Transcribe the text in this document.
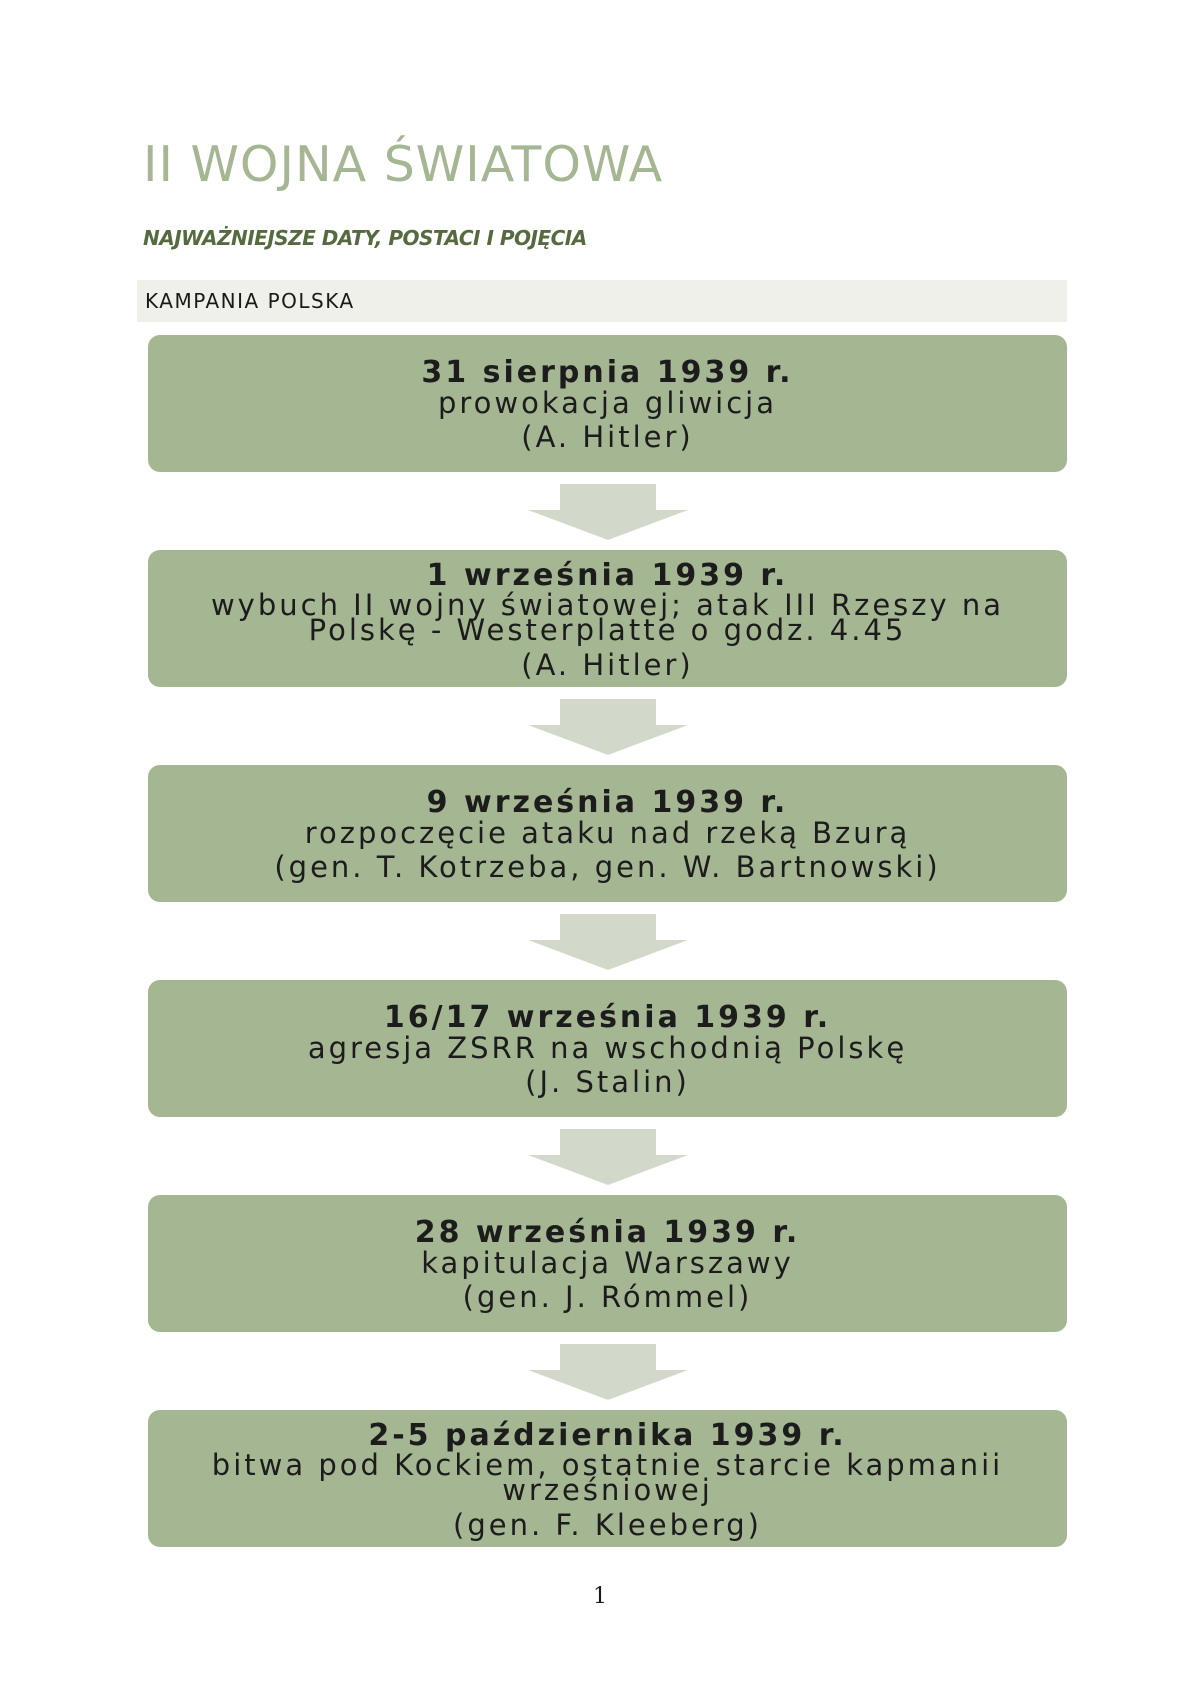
II WOJNA ŚWIATOWA
NAJWAŻNIEJSZE DATY, POSTACI I POJĘCIA
KAMPANIA POLSKA
31 sierpnia 1939 r.
prowokacja gliwicja
(A. Hitler)
1 września 1939 r.
wybuch II wojny światowej; atak III Rzeszy na Polskę - Westerplatte o godz. 4.45
(A. Hitler)
9 września 1939 r.
rozpoczęcie ataku nad rzeką Bzurą
(gen. T. Kotrzeba, gen. W. Bartnowski)
16/17 września 1939 r.
agresja ZSRR na wschodnią Polskę
(J. Stalin)
28 września 1939 r.
kapitulacja Warszawy
(gen. J. Rómmel)
2-5 października 1939 r.
bitwa pod Kockiem, ostatnie starcie kapmanii wrześniowej
(gen. F. Kleeberg)
1
